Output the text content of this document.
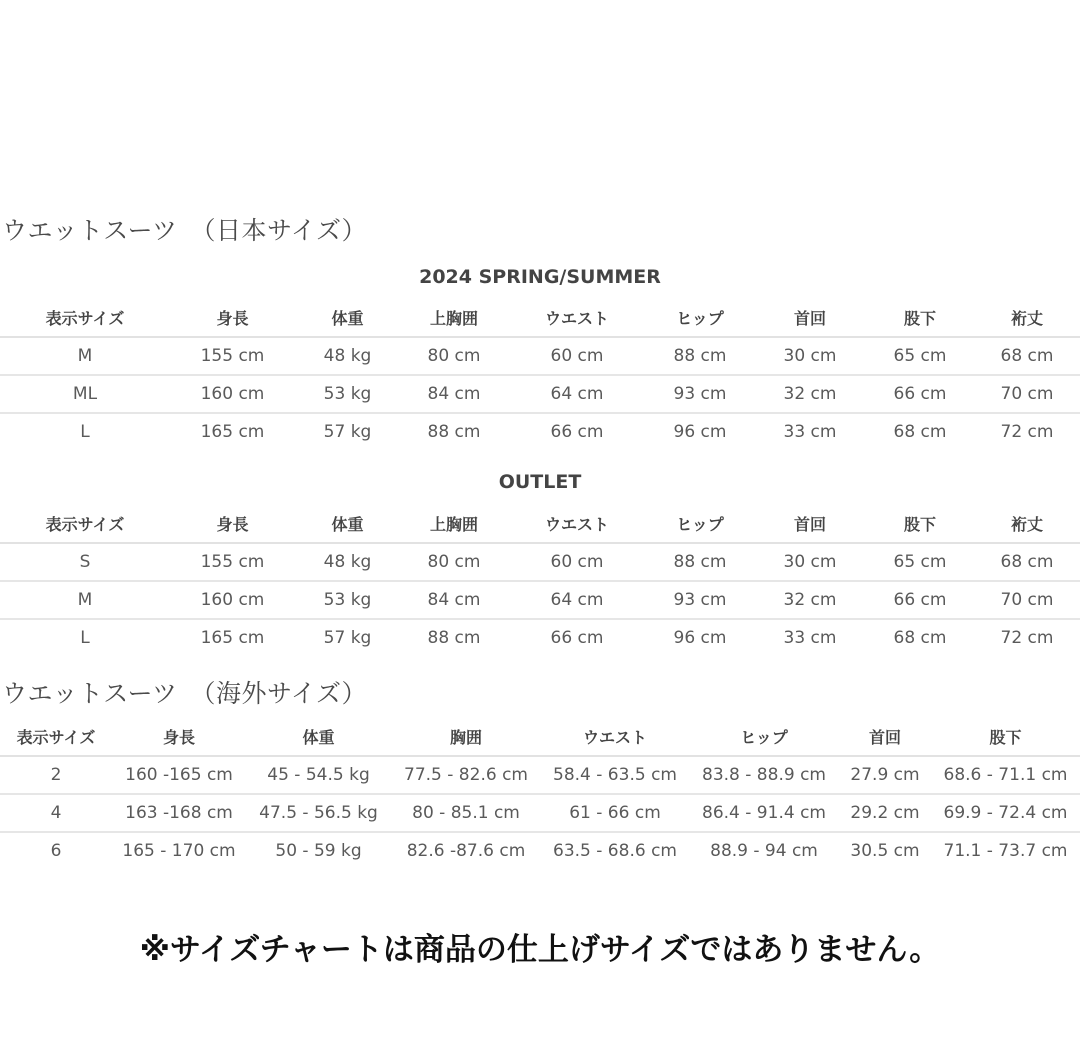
ウエットスーツ　（日本サイズ）
2024 SPRING/SUMMER
表示サイズ	身長	体重	上胸囲	ウエスト	ヒップ	首回	股下	裄丈
M	155 cm	48 kg	80 cm	60 cm	88 cm	30 cm	65 cm	68 cm
ML	160 cm	53 kg	84 cm	64 cm	93 cm	32 cm	66 cm	70 cm
L	165 cm	57 kg	88 cm	66 cm	96 cm	33 cm	68 cm	72 cm
OUTLET
表示サイズ	身長	体重	上胸囲	ウエスト	ヒップ	首回	股下	裄丈
S	155 cm	48 kg	80 cm	60 cm	88 cm	30 cm	65 cm	68 cm
M	160 cm	53 kg	84 cm	64 cm	93 cm	32 cm	66 cm	70 cm
L	165 cm	57 kg	88 cm	66 cm	96 cm	33 cm	68 cm	72 cm
ウエットスーツ　（海外サイズ）
表示サイズ	身長	体重	胸囲	ウエスト	ヒップ	首回	股下
2	160 -165 cm	45 - 54.5 kg	77.5 - 82.6 cm	58.4 - 63.5 cm	83.8 - 88.9 cm	27.9 cm	68.6 - 71.1 cm
4	163 -168 cm	47.5 - 56.5 kg	80 - 85.1 cm	61 - 66 cm	86.4 - 91.4 cm	29.2 cm	69.9 - 72.4 cm
6	165 - 170 cm	50 - 59 kg	82.6 -87.6 cm	63.5 - 68.6 cm	88.9 - 94 cm	30.5 cm	71.1 - 73.7 cm

※サイズチャートは商品の仕上げサイズではありません。
